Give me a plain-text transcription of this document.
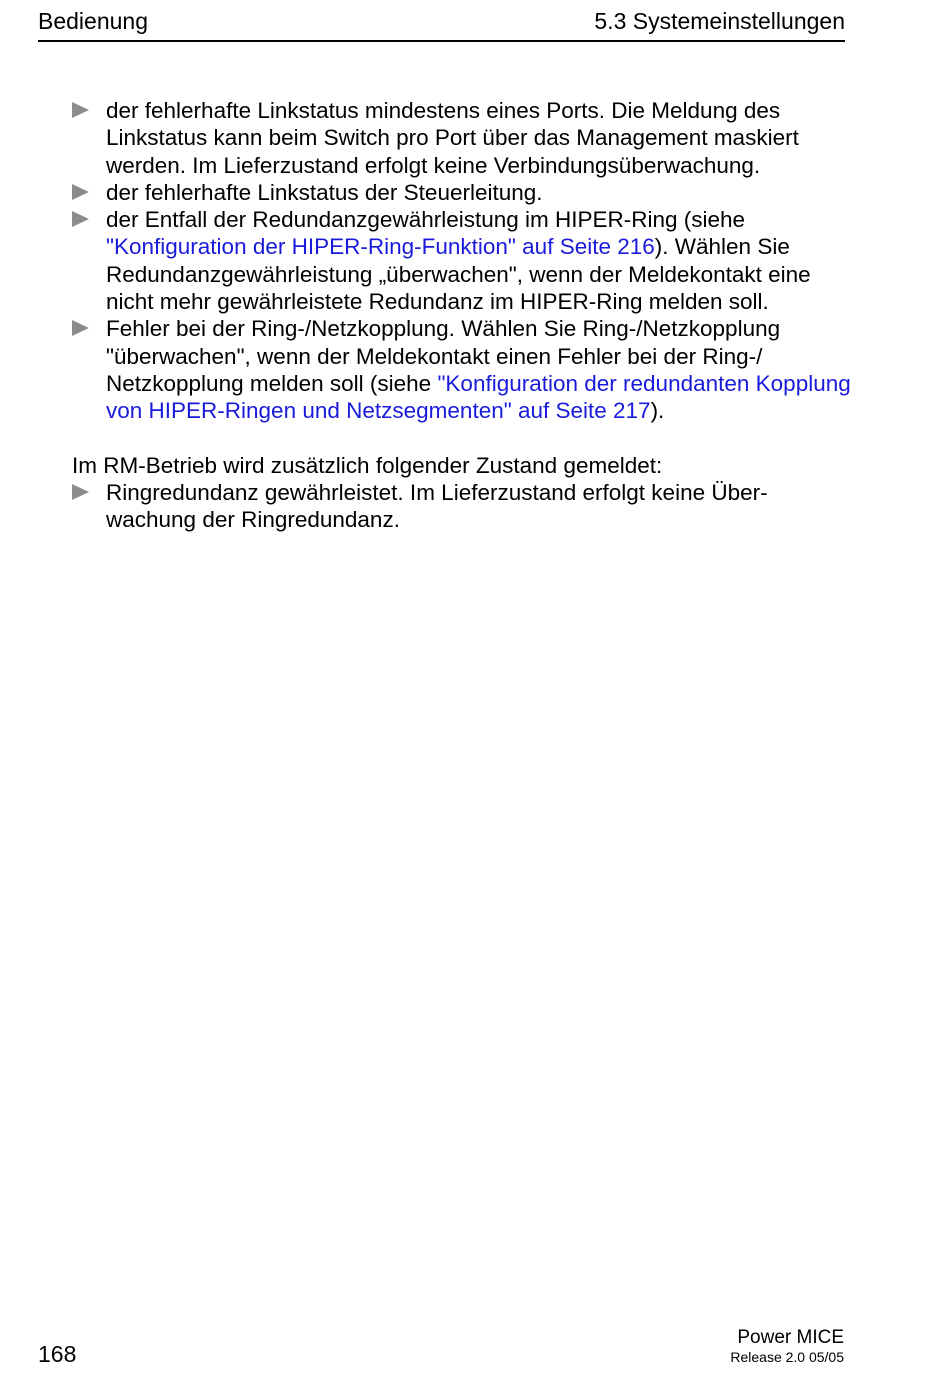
Bedienung	5.3 Systemeinstellungen
der fehlerhafte Linkstatus mindestens eines Ports. Die Meldung des Linkstatus kann beim Switch pro Port über das Management maskiert werden. Im Lieferzustand erfolgt keine Verbindungsüberwachung.
der fehlerhafte Linkstatus der Steuerleitung.
der Entfall der Redundanzgewährleistung im HIPER-Ring (siehe "Konfiguration der HIPER-Ring-Funktion" auf Seite 216). Wählen Sie Redundanzgewährleistung „überwachen", wenn der Meldekontakt eine nicht mehr gewährleistete Redundanz im HIPER-Ring melden soll.
Fehler bei der Ring-/Netzkopplung. Wählen Sie Ring-/Netzkopplung "überwachen", wenn der Meldekontakt einen Fehler bei der Ring-/ Netzkopplung melden soll (siehe "Konfiguration der redundanten Kopplung von HIPER-Ringen und Netzsegmenten" auf Seite 217).
Im RM-Betrieb wird zusätzlich folgender Zustand gemeldet:
Ringredundanz gewährleistet. Im Lieferzustand erfolgt keine Über-wachung der Ringredundanz.
168
Power MICE
Release 2.0 05/05
